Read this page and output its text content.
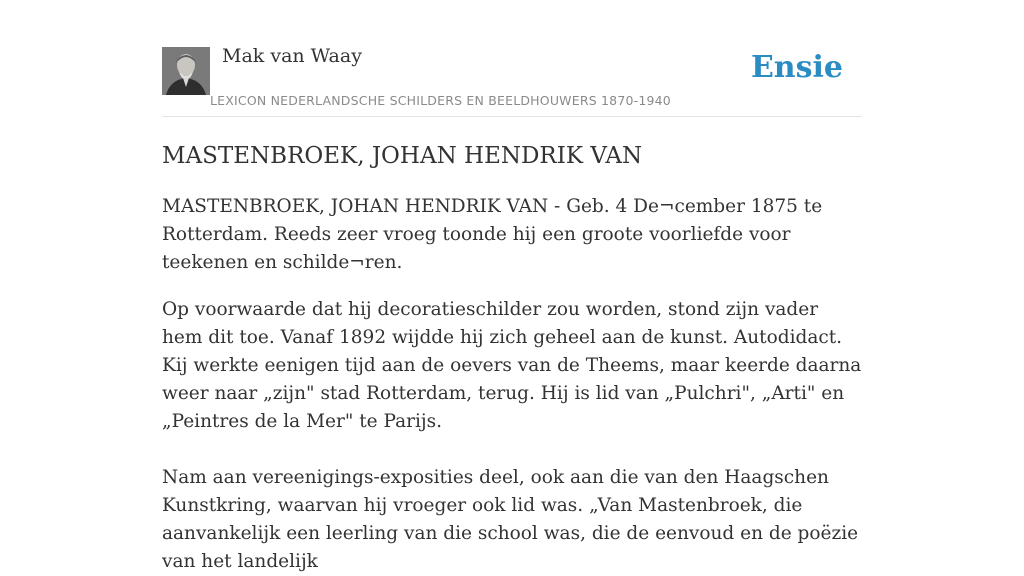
Mak van Waay
LEXICON NEDERLANDSCHE SCHILDERS EN BEELDHOUWERS 1870-1940
Ensie
MASTENBROEK, JOHAN HENDRIK VAN

MASTENBROEK, JOHAN HENDRIK VAN - Geb. 4 De¬cember 1875 te Rotterdam. Reeds zeer vroeg toonde hij een groote voorliefde voor teekenen en schilde¬ren.

Op voorwaarde dat hij decoratieschilder zou worden, stond zijn vader hem dit toe. Vanaf 1892 wijdde hij zich geheel aan de kunst. Autodidact. Kij werkte eenigen tijd aan de oevers van de Theems, maar keerde daarna weer naar „zijn" stad Rotterdam, terug. Hij is lid van „Pulchri", „Arti" en „Peintres de la Mer" te Parijs.

Nam aan vereenigings-exposities deel, ook aan die van den Haagschen Kunstkring, waarvan hij vroeger ook lid was. „Van Mastenbroek, die aanvankelijk een leerling van die school was, die de eenvoud en de poëzie van het landelijk
